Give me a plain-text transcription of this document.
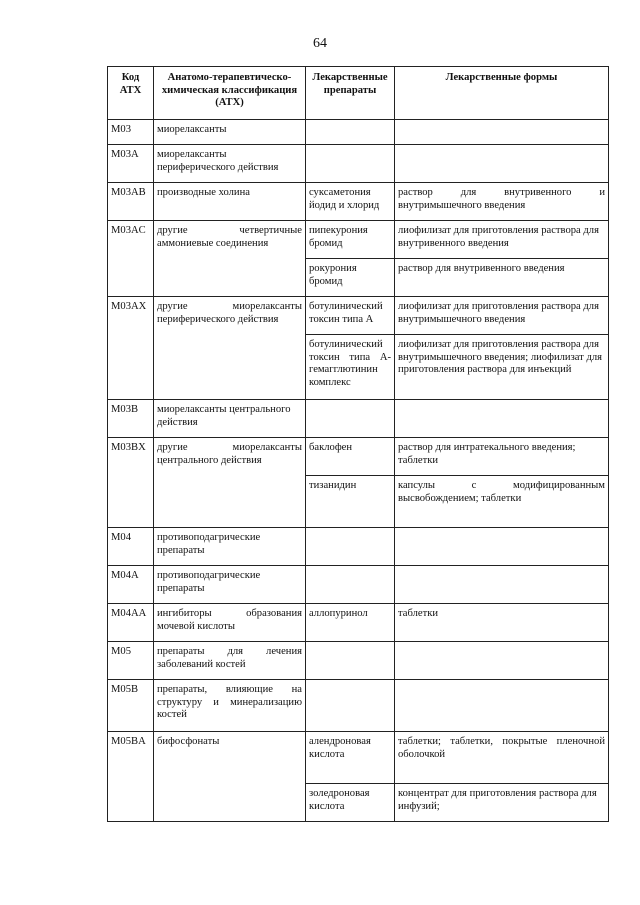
64
Код АТХ	Анатомо-терапевтическо-химическая классификация (АТХ)	Лекарственные препараты	Лекарственные формы
M03	миорелаксанты		
M03A	миорелаксанты периферического действия		
M03AB	производные холина	суксаметония йодид и хлорид	раствор для внутривенного и внутримышечного введения
M03AC	другие четвертичные аммониевые соединения	пипекурония бромид	лиофилизат для приготовления раствора для внутривенного введения
		рокурония бромид	раствор для внутривенного введения
M03AX	другие миорелаксанты периферического действия	ботулинический токсин типа A	лиофилизат для приготовления раствора для внутримышечного введения
		ботулинический токсин типа A-гемагглютинин комплекс	лиофилизат для приготовления раствора для внутримышечного введения; лиофилизат для приготовления раствора для инъекций
M03B	миорелаксанты центрального действия		
M03BX	другие миорелаксанты центрального действия	баклофен	раствор для интратекального введения; таблетки
		тизанидин	капсулы с модифицированным высвобождением; таблетки
M04	противоподагрические препараты		
M04A	противоподагрические препараты		
M04AA	ингибиторы образования мочевой кислоты	аллопуринол	таблетки
M05	препараты для лечения заболеваний костей		
M05B	препараты, влияющие на структуру и минерализацию костей		
M05BA	бифосфонаты	алендроновая кислота	таблетки; таблетки, покрытые пленочной оболочкой
		золедроновая кислота	концентрат для приготовления раствора для инфузий;
